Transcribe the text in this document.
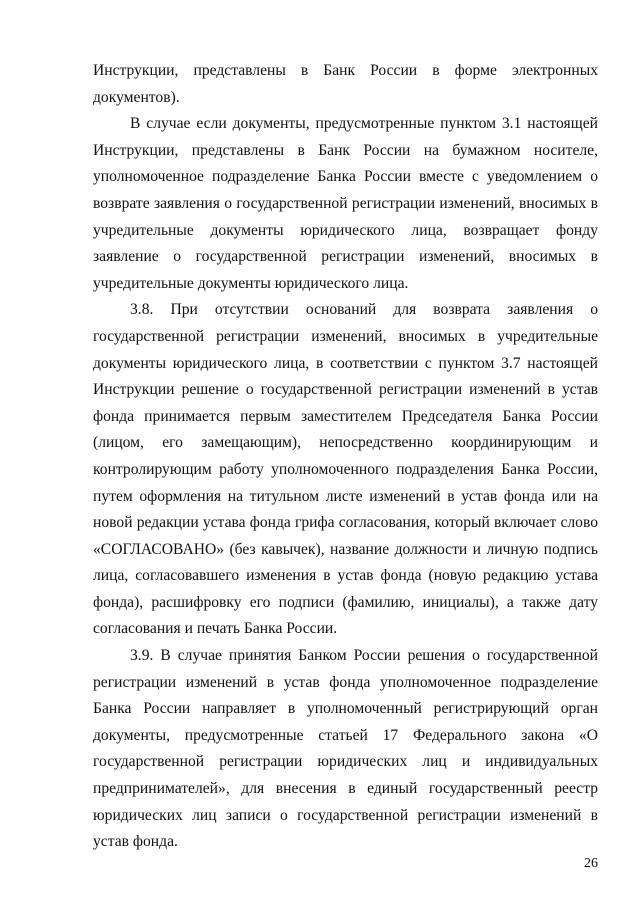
Инструкции, представлены в Банк России в форме электронных документов).

В случае если документы, предусмотренные пунктом 3.1 настоящей Инструкции, представлены в Банк России на бумажном носителе, уполномоченное подразделение Банка России вместе с уведомлением о возврате заявления о государственной регистрации изменений, вносимых в учредительные документы юридического лица, возвращает фонду заявление о государственной регистрации изменений, вносимых в учредительные документы юридического лица.

3.8. При отсутствии оснований для возврата заявления о государственной регистрации изменений, вносимых в учредительные документы юридического лица, в соответствии с пунктом 3.7 настоящей Инструкции решение о государственной регистрации изменений в устав фонда принимается первым заместителем Председателя Банка России (лицом, его замещающим), непосредственно координирующим и контролирующим работу уполномоченного подразделения Банка России, путем оформления на титульном листе изменений в устав фонда или на новой редакции устава фонда грифа согласования, который включает слово «СОГЛАСОВАНО» (без кавычек), название должности и личную подпись лица, согласовавшего изменения в устав фонда (новую редакцию устава фонда), расшифровку его подписи (фамилию, инициалы), а также дату согласования и печать Банка России.

3.9. В случае принятия Банком России решения о государственной регистрации изменений в устав фонда уполномоченное подразделение Банка России направляет в уполномоченный регистрирующий орган документы, предусмотренные статьей 17 Федерального закона «О государственной регистрации юридических лиц и индивидуальных предпринимателей», для внесения в единый государственный реестр юридических лиц записи о государственной регистрации изменений в устав фонда.

26
